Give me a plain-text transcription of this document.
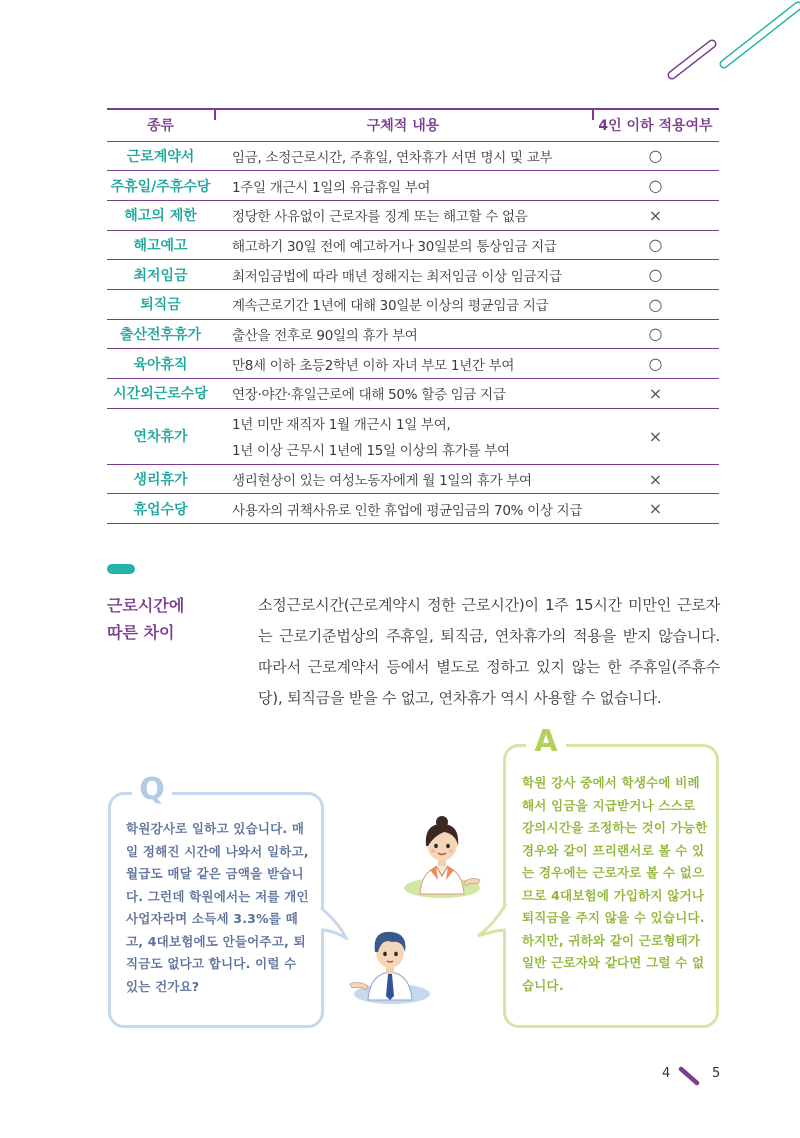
종류	구체적 내용	4인 이하 적용여부
근로계약서	임금, 소정근로시간, 주휴일, 연차휴가 서면 명시 및 교부	○
주휴일/주휴수당	1주일 개근시 1일의 유급휴일 부여	○
해고의 제한	정당한 사유없이 근로자를 징계 또는 해고할 수 없음	×
해고예고	해고하기 30일 전에 예고하거나 30일분의 통상임금 지급	○
최저임금	최저임금법에 따라 매년 정해지는 최저임금 이상 임금지급	○
퇴직금	계속근로기간 1년에 대해 30일분 이상의 평균임금 지급	○
출산전후휴가	출산을 전후로 90일의 휴가 부여	○
육아휴직	만8세 이하 초등2학년 이하 자녀 부모 1년간 부여	○
시간외근로수당	연장·야간·휴일근로에 대해 50% 할증 임금 지급	×
연차휴가	1년 미만 재직자 1월 개근시 1일 부여,
1년 이상 근무시 1년에 15일 이상의 휴가를 부여	×
생리휴가	생리현상이 있는 여성노동자에게 월 1일의 휴가 부여	×
휴업수당	사용자의 귀책사유로 인한 휴업에 평균임금의 70% 이상 지급	×
근로시간에
따른 차이

소정근로시간(근로계약시 정한 근로시간)이 1주 15시간 미만인 근로자는 근로기준법상의 주휴일, 퇴직금, 연차휴가의 적용을 받지 않습니다. 따라서 근로계약서 등에서 별도로 정하고 있지 않는 한 주휴일(주휴수당), 퇴직금을 받을 수 없고, 연차휴가 역시 사용할 수 없습니다.

Q

학원강사로 일하고 있습니다. 매일 정해진 시간에 나와서 일하고, 월급도 매달 같은 금액을 받습니다. 그런데 학원에서는 저를 개인사업자라며 소득세 3.3%를 떼고, 4대보험에도 안들어주고, 퇴직금도 없다고 합니다. 이럴 수 있는 건가요?

A

학원 강사 중에서 학생수에 비례해서 임금을 지급받거나 스스로 강의시간을 조정하는 것이 가능한 경우와 같이 프리랜서로 볼 수 있는 경우에는 근로자로 볼 수 없으므로 4대보험에 가입하지 않거나 퇴직금을 주지 않을 수 있습니다. 하지만, 귀하와 같이 근로형태가 일반 근로자와 같다면 그럴 수 없습니다.

4	5
